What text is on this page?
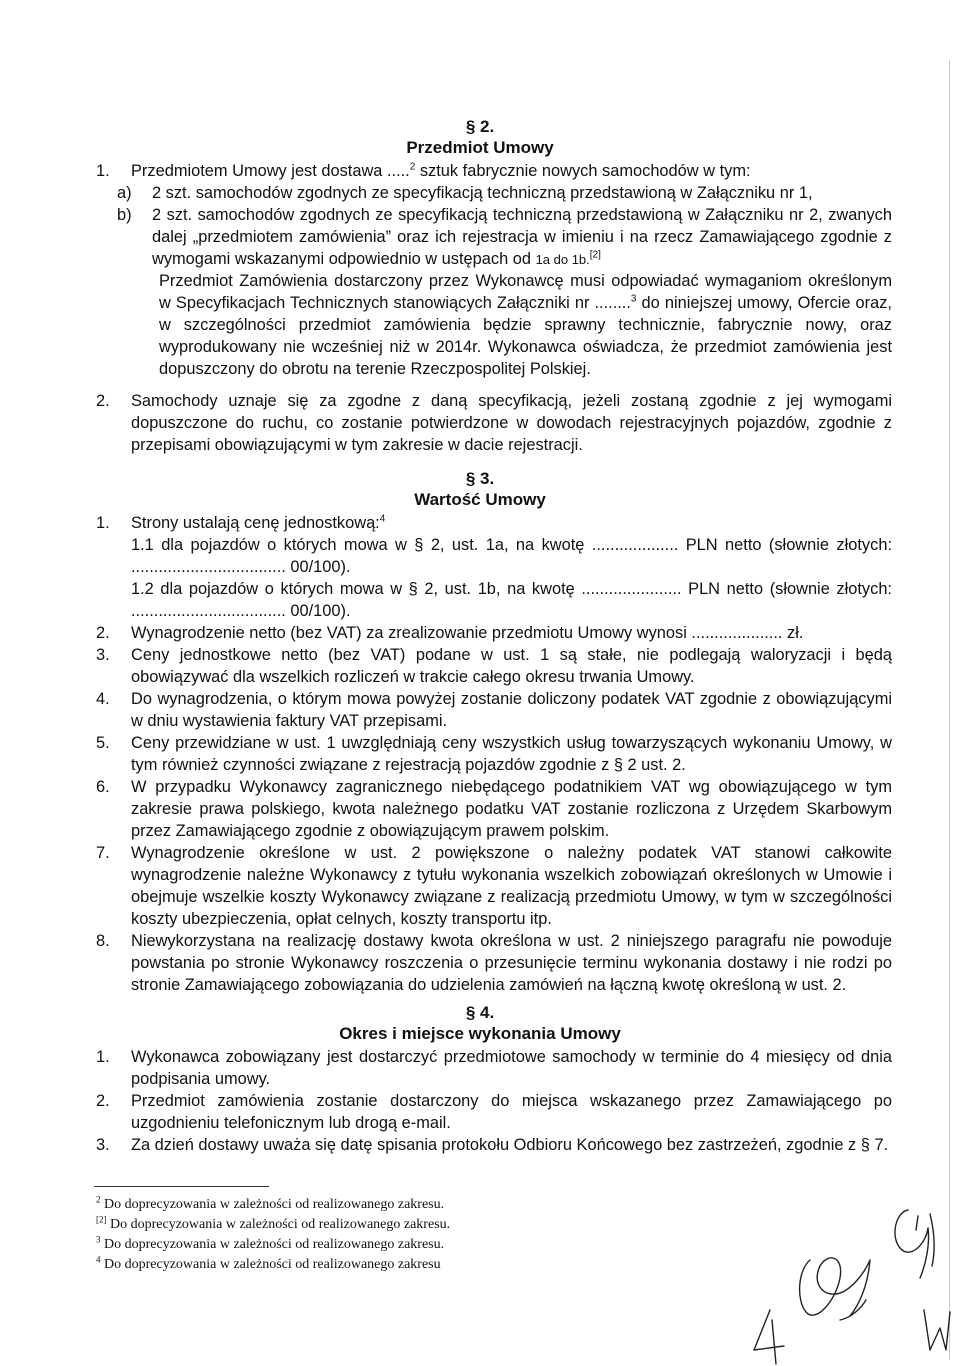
§ 2.
Przedmiot Umowy
1. Przedmiotem Umowy jest dostawa .....$^2$ sztuk fabrycznie nowych samochodów w tym:
a)	2 szt. samochodów zgodnych ze specyfikacją techniczną przedstawioną w Załączniku nr 1,
b)	2 szt. samochodów zgodnych ze specyfikacją techniczną przedstawioną w Załączniku nr 2, zwanych dalej „przedmiotem zamówienia” oraz ich rejestracja w imieniu i na rzecz Zamawiającego zgodnie z wymogami wskazanymi odpowiednio w ustępach od 1a do 1b.[2]
Przedmiot Zamówienia dostarczony przez Wykonawcę musi odpowiadać wymaganiom określonym w Specyfikacjach Technicznych stanowiących Załączniki nr ........$^3$ do niniejszej umowy, Ofercie oraz, w szczególności przedmiot zamówienia będzie sprawny technicznie, fabrycznie nowy, oraz wyprodukowany nie wcześniej niż w 2014r. Wykonawca oświadcza, że przedmiot zamówienia jest dopuszczony do obrotu na terenie Rzeczpospolitej Polskiej.
2. Samochody uznaje się za zgodne z daną specyfikacją, jeżeli zostaną zgodnie z jej wymogami dopuszczone do ruchu, co zostanie potwierdzone w dowodach rejestracyjnych pojazdów, zgodnie z przepisami obowiązującymi w tym zakresie w dacie rejestracji.
§ 3.
Wartość Umowy
1. Strony ustalają cenę jednostkową:$^4$
1.1 dla pojazdów o których mowa w § 2, ust. 1a, na kwotę ................... PLN netto (słownie złotych: .................................. 00/100).
1.2 dla pojazdów o których mowa w § 2, ust. 1b, na kwotę ...................... PLN netto (słownie złotych: .................................. 00/100).
2. Wynagrodzenie netto (bez VAT) za zrealizowanie przedmiotu Umowy wynosi .................... zł.
3. Ceny jednostkowe netto (bez VAT) podane w ust. 1 są stałe, nie podlegają waloryzacji i będą obowiązywać dla wszelkich rozliczeń w trakcie całego okresu trwania Umowy.
4. Do wynagrodzenia, o którym mowa powyżej zostanie doliczony podatek VAT zgodnie z obowiązującymi w dniu wystawienia faktury VAT przepisami.
5. Ceny przewidziane w ust. 1 uwzględniają ceny wszystkich usług towarzyszących wykonaniu Umowy, w tym również czynności związane z rejestracją pojazdów zgodnie z § 2 ust. 2.
6. W przypadku Wykonawcy zagranicznego niebędącego podatnikiem VAT wg obowiązującego w tym zakresie prawa polskiego, kwota należnego podatku VAT zostanie rozliczona z Urzędem Skarbowym przez Zamawiającego zgodnie z obowiązującym prawem polskim.
7. Wynagrodzenie określone w ust. 2 powiększone o należny podatek VAT stanowi całkowite wynagrodzenie należne Wykonawcy z tytułu wykonania wszelkich zobowiązań określonych w Umowie i obejmuje wszelkie koszty Wykonawcy związane z realizacją przedmiotu Umowy, w tym w szczególności koszty ubezpieczenia, opłat celnych, koszty transportu itp.
8. Niewykorzystana na realizację dostawy kwota określona w ust. 2 niniejszego paragrafu nie powoduje powstania po stronie Wykonawcy roszczenia o przesunięcie terminu wykonania dostawy i nie rodzi po stronie Zamawiającego zobowiązania do udzielenia zamówień na łączną kwotę określoną w ust. 2.
§ 4.
Okres i miejsce wykonania Umowy
1. Wykonawca zobowiązany jest dostarczyć przedmiotowe samochody w terminie do 4 miesięcy od dnia podpisania umowy.
2. Przedmiot zamówienia zostanie dostarczony do miejsca wskazanego przez Zamawiającego po uzgodnieniu telefonicznym lub drogą e-mail.
3. Za dzień dostawy uważa się datę spisania protokołu Odbioru Końcowego bez zastrzeżeń, zgodnie z § 7.
$^2$ Do doprecyzowania w zależności od realizowanego zakresu.
[2] Do doprecyzowania w zależności od realizowanego zakresu.
$^3$ Do doprecyzowania w zależności od realizowanego zakresu.
$^4$ Do doprecyzowania w zależności od realizowanego zakresu
